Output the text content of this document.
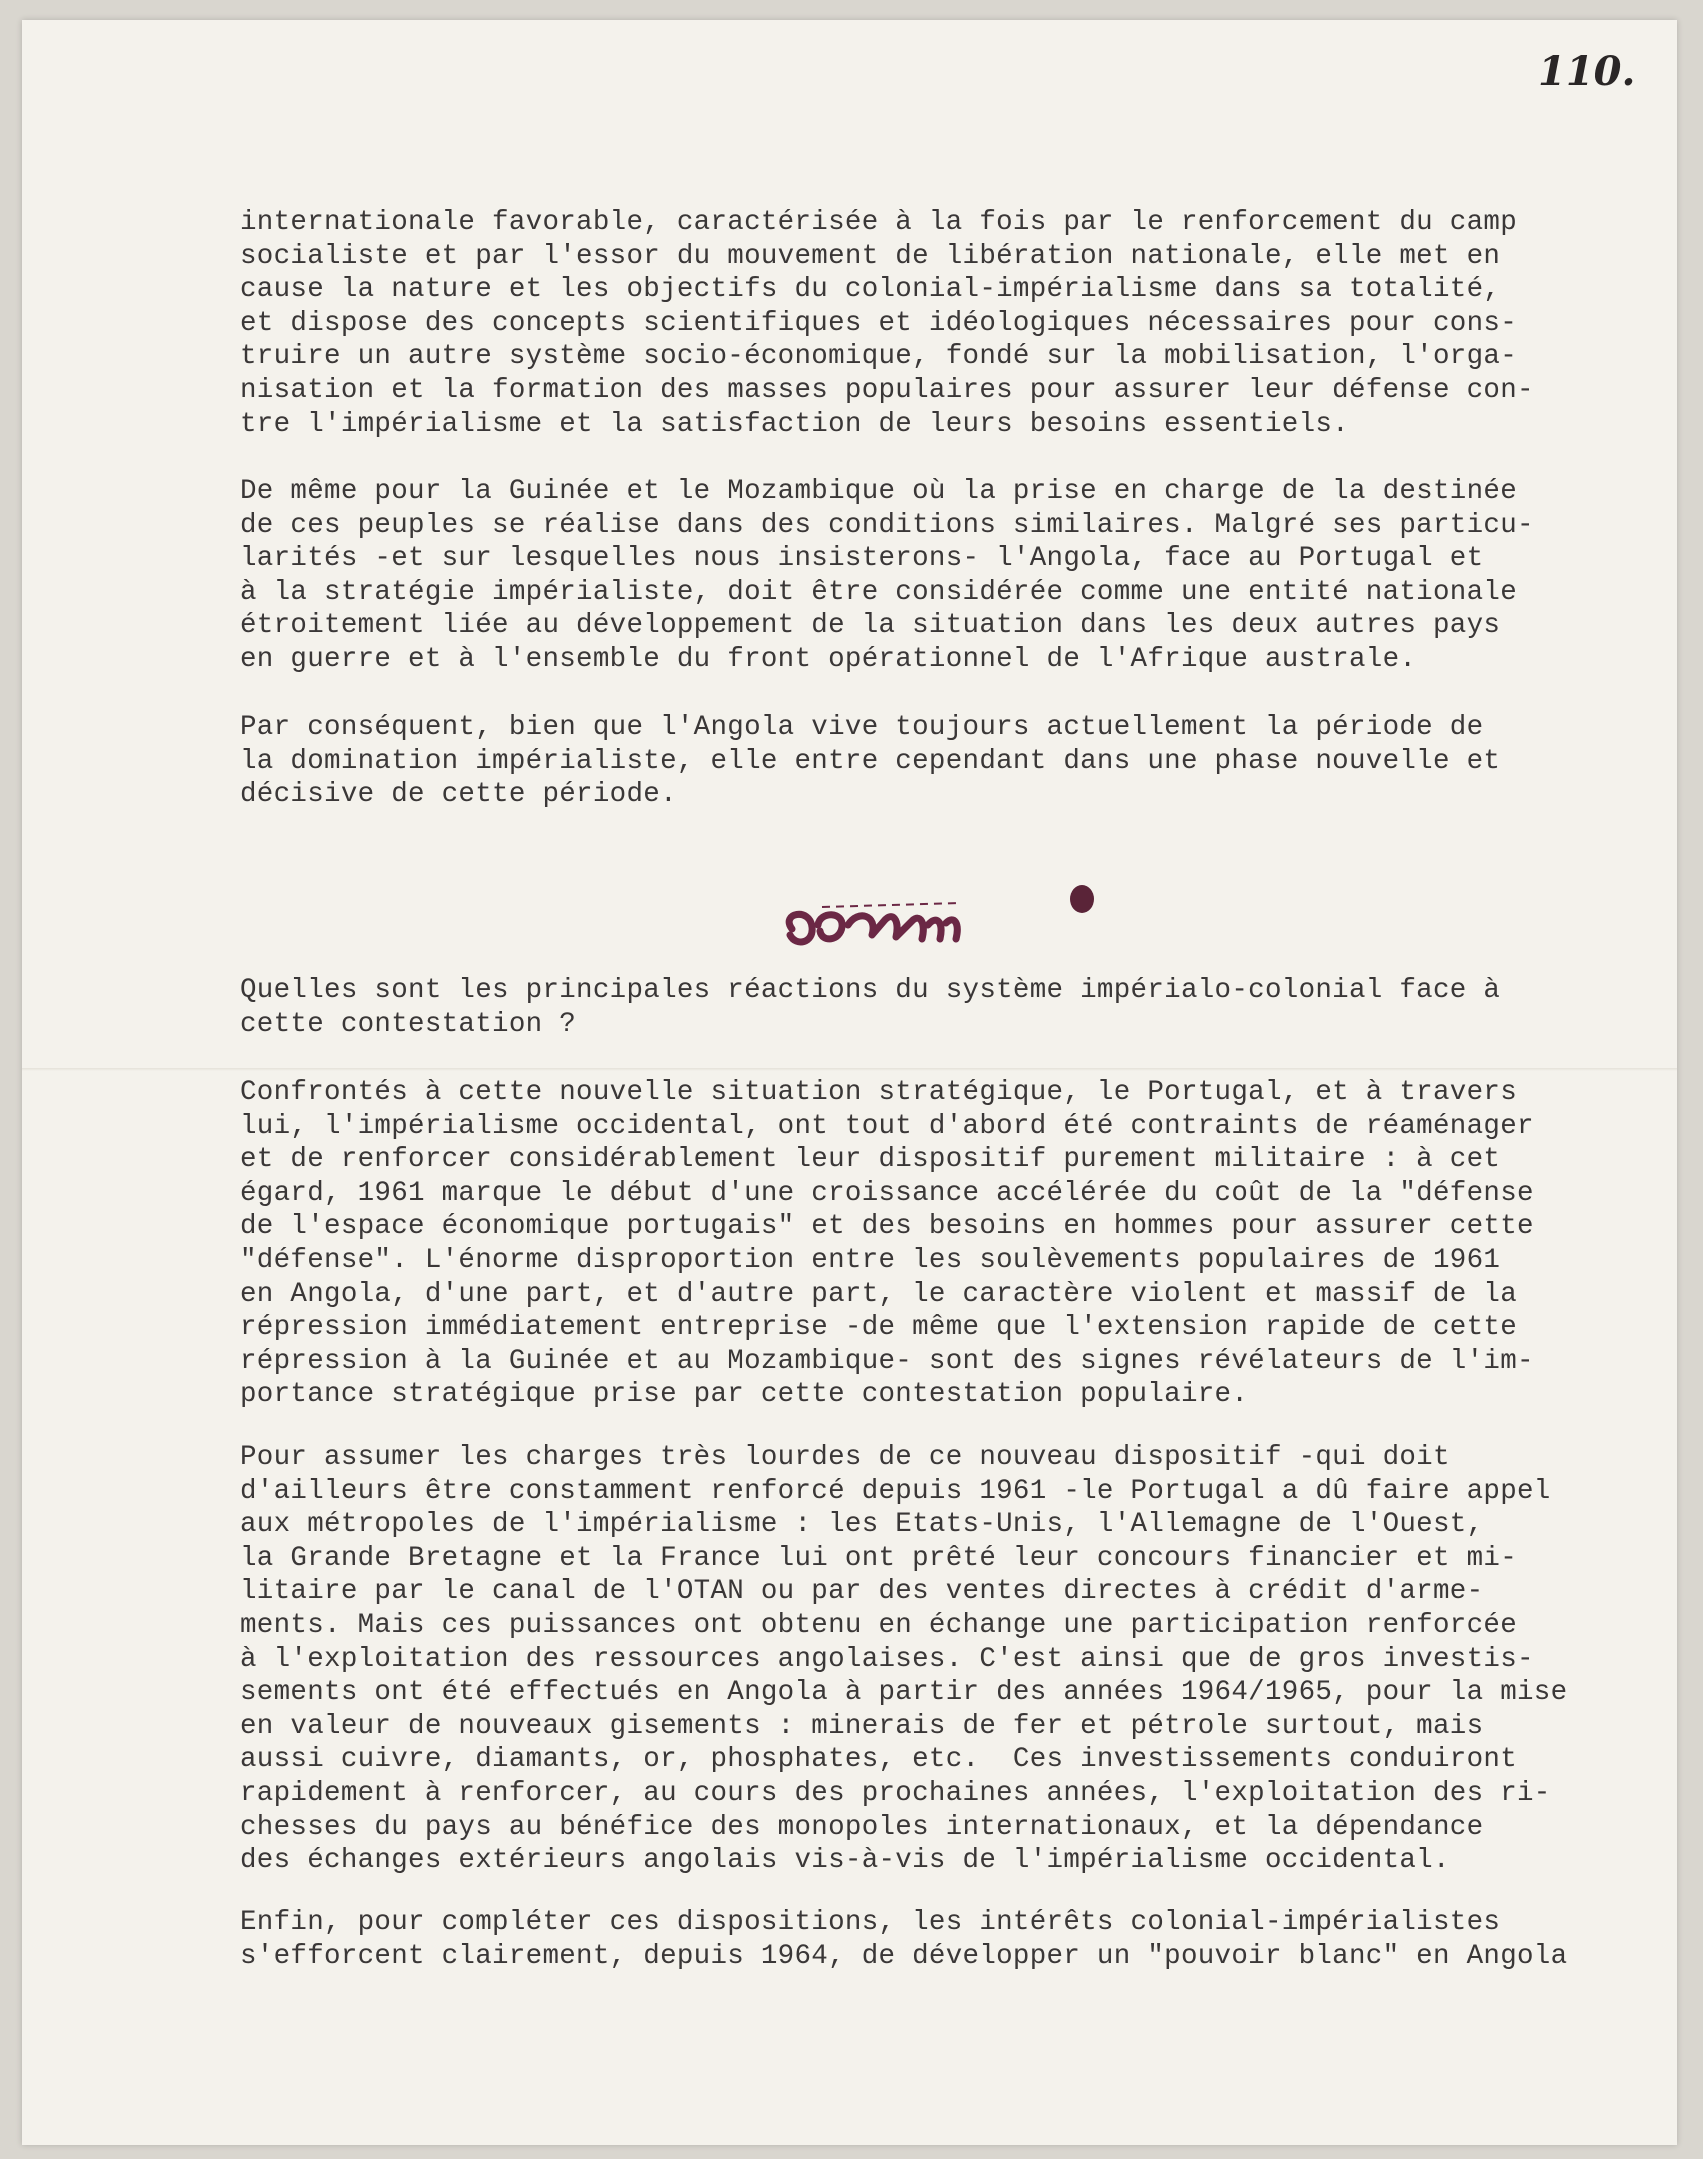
110.
internationale favorable, caractérisée à la fois par le renforcement du camp
socialiste et par l'essor du mouvement de libération nationale, elle met en
cause la nature et les objectifs du colonial-impérialisme dans sa totalité,
et dispose des concepts scientifiques et idéologiques nécessaires pour cons-
truire un autre système socio-économique, fondé sur la mobilisation, l'orga-
nisation et la formation des masses populaires pour assurer leur défense con-
tre l'impérialisme et la satisfaction de leurs besoins essentiels.
De même pour la Guinée et le Mozambique où la prise en charge de la destinée
de ces peuples se réalise dans des conditions similaires. Malgré ses particu-
larités -et sur lesquelles nous insisterons- l'Angola, face au Portugal et
à la stratégie impérialiste, doit être considérée comme une entité nationale
étroitement liée au développement de la situation dans les deux autres pays
en guerre et à l'ensemble du front opérationnel de l'Afrique australe.
Par conséquent, bien que l'Angola vive toujours actuellement la période de
la domination impérialiste, elle entre cependant dans une phase nouvelle et
décisive de cette période.
Quelles sont les principales réactions du système impérialo-colonial face à
cette contestation ?
Confrontés à cette nouvelle situation stratégique, le Portugal, et à travers
lui, l'impérialisme occidental, ont tout d'abord été contraints de réaménager
et de renforcer considérablement leur dispositif purement militaire : à cet
égard, 1961 marque le début d'une croissance accélérée du coût de la "défense
de l'espace économique portugais" et des besoins en hommes pour assurer cette
"défense". L'énorme disproportion entre les soulèvements populaires de 1961
en Angola, d'une part, et d'autre part, le caractère violent et massif de la
répression immédiatement entreprise -de même que l'extension rapide de cette
répression à la Guinée et au Mozambique- sont des signes révélateurs de l'im-
portance stratégique prise par cette contestation populaire.
Pour assumer les charges très lourdes de ce nouveau dispositif -qui doit
d'ailleurs être constamment renforcé depuis 1961 -le Portugal a dû faire appel
aux métropoles de l'impérialisme : les Etats-Unis, l'Allemagne de l'Ouest,
la Grande Bretagne et la France lui ont prêté leur concours financier et mi-
litaire par le canal de l'OTAN ou par des ventes directes à crédit d'arme-
ments. Mais ces puissances ont obtenu en échange une participation renforcée
à l'exploitation des ressources angolaises. C'est ainsi que de gros investis-
sements ont été effectués en Angola à partir des années 1964/1965, pour la mise
en valeur de nouveaux gisements : minerais de fer et pétrole surtout, mais
aussi cuivre, diamants, or, phosphates, etc.  Ces investissements conduiront
rapidement à renforcer, au cours des prochaines années, l'exploitation des ri-
chesses du pays au bénéfice des monopoles internationaux, et la dépendance
des échanges extérieurs angolais vis-à-vis de l'impérialisme occidental.
Enfin, pour compléter ces dispositions, les intérêts colonial-impérialistes
s'efforcent clairement, depuis 1964, de développer un "pouvoir blanc" en Angola
